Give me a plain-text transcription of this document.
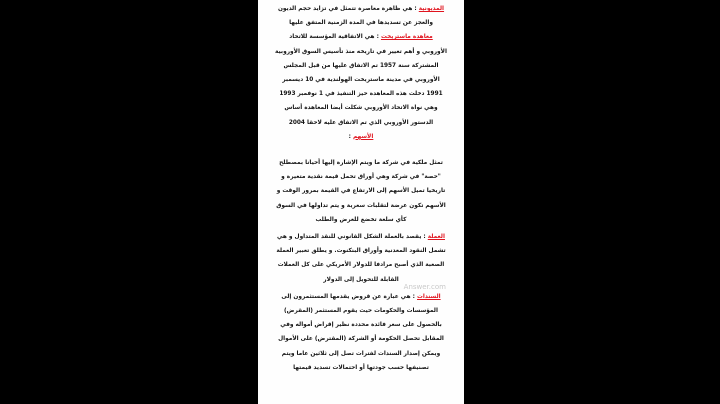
المديونية : هي ظاهرة معاصرة تتمثل في تزايد حجم الديون
والعجز عن تسديدها في المدة الزمنية المتفق عليها
معاهدة ماستريخت : هي الاتفاقية المؤسسة للاتحاد
الأوروبي و أهم تغيير في تاريخه منذ تأسيس السوق الأوروبية
المشتركة سنة 1957 تم الاتفاق عليها من قبل المجلس
الأوروبي في مدينة ماستريخت الهولندية في 10 ديسمبر
1991 دخلت هذه المعاهدة حيز التنفيذ في 1 نوفمبر 1993
وهي نواة الاتحاد الأوروبي شكلت أيضا المعاهدة أساس
الدستور الأوروبي الذي تم الاتفاق عليه لاحقا 2004
الأسهم :
تمثل ملكية في شركة ما ويتم الإشارة إليها أحيانا بمصطلح
"حصة" في شركة وهي أوراق تحمل قيمة نقدية متغيرة و
تاريخيا تميل الأسهم إلى الارتفاع في القيمة بمرور الوقت و
الأسهم تكون عرضة لتقلبات سعرية و يتم تداولها في السوق
كأي سلعة تخضع للعرض والطلب
العملة : يقصد بالعملة الشكل القانوني للنقد المتداول و هي
تشمل النقود المعدنية وأوراق البنكنوت. و يطلق تعبير العملة
الصعبة الذي أصبح مرادفا للدولار الأمريكي على كل العملات
القابلة للتحويل إلى الدولار
السندات : هي عبارة عن قروض يقدمها المستثمرون إلى
المؤسسات والحكومات حيث يقوم المستثمر (المقرض)
بالحصول على سعر فائدة محددة نظير إقراض أمواله وفي
المقابل تحصل الحكومة أو الشركة (المقترض) على الأموال
ويمكن إصدار السندات لفترات تصل إلى ثلاثين عاما ويتم
تصنيفها حسب جودتها أو احتمالات تسديد قيمتها
Answer.com
